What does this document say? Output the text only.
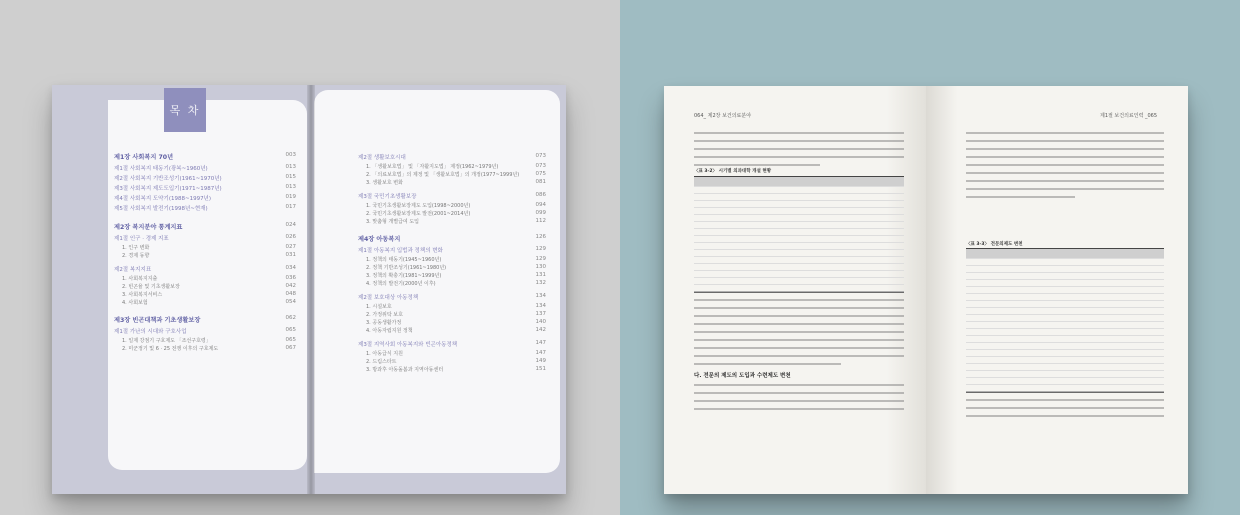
목 차
제1장 사회복지 70년	003
제1절 사회복지 태동기(광복~1960년)	013
제2절 사회복지 기반조성기(1961~1970년)	015
제3절 사회복지 제도도입기(1971~1987년)	013
제4절 사회복지 도약기(1988~1997년)	019
제5절 사회복지 발전기(1998년~현재)	017
제2장 복지분야 통계지표	024
제1절 인구 · 경제 지표	026
1. 인구 변화	027
2. 경제 동향	031
제2절 복지지표	034
1. 사회복지지출	036
2. 빈곤율 및 기초생활보장	042
3. 사회복지서비스	048
4. 사회보험	054
제3장 빈곤대책과 기초생활보장	062
제1절 가난의 시대와 구호사업	065
1. 일제 강점기 구호제도 「조선구호령」	065
2. 미군정기 및 6 · 25 전쟁 이후의 구호제도	067
제2절 생활보호시대	073
1. 「생활보호법」 및 「자활지도법」 제정(1962~1979년)	073
2. 「의료보호법」의 제정 및 「생활보호법」의 개정(1977~1999년)	075
3. 생활보호 변화	081
제3절 국민기초생활보장	086
1. 국민기초생활보장제도 도입(1998~2000년)	094
2. 국민기초생활보장제도 발전(2001~2014년)	099
3. 맞춤형 개별급여 도입	112
제4장 아동복지	126
제1절 아동복지 입법과 정책의 변화	129
1. 정책의 태동기(1945~1960년)	129
2. 정책 기반조성기(1961~1980년)	130
3. 정책의 확충기(1981~1999년)	131
4. 정책의 발전기(2000년 이후)	132
제2절 보호대상 아동정책	134
1. 시설보호	134
2. 가정위탁 보호	137
3. 공동생활가정	140
4. 아동자립지원 정책	142
제3절 지역사회 아동복지와 빈곤아동정책	147
1. 아동급식 지원	147
2. 드림스타트	149
3. 방과후 아동돌봄과 지역아동센터	151
064_ 제2장 보건의료분야
〈표 3-2〉 시기별 의과대학 개설 현황
다. 전문의 제도의 도입과 수련제도 변천
제1절 보건의료인력 _065
〈표 3-3〉 전문의제도 변천
